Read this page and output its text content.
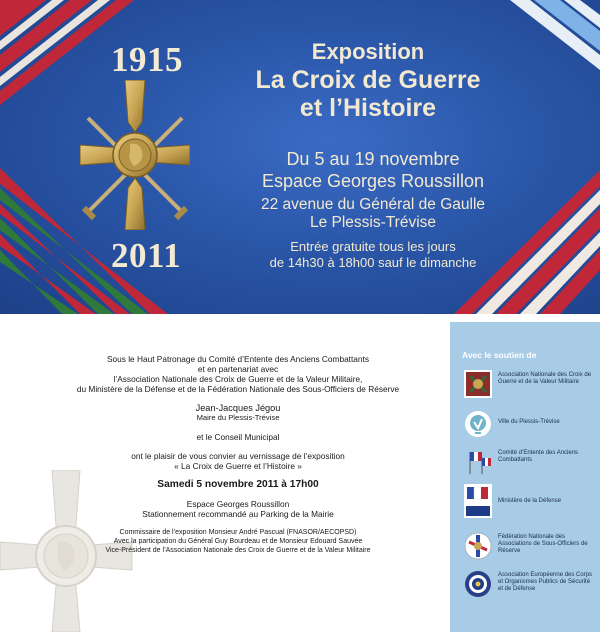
1915
2011
Exposition
La Croix de Guerre
et l’Histoire
Du 5 au 19 novembre
Espace Georges Roussillon
22 avenue du Général de Gaulle
Le Plessis-Trévise
Entrée gratuite tous les jours
de 14h30 à 18h00 sauf le dimanche
Sous le Haut Patronage du Comité d’Entente des Anciens Combattants
et en partenariat avec
l’Association Nationale des Croix de Guerre et de la Valeur Militaire,
du Ministère de la Défense et de la Fédération Nationale des Sous-Officiers de Réserve
Jean-Jacques Jégou
Maire du Plessis-Trévise
et le Conseil Municipal
ont le plaisir de vous convier au vernissage de l’exposition
« La Croix de Guerre et l’Histoire »
Samedi 5 novembre 2011 à 17h00
Espace Georges Roussillon
Stationnement recommandé au Parking de la Mairie
Commissaire de l’exposition Monsieur André Pascual (FNASOR/AECOPSD)
Avec la participation du Général Guy Bourdeau et de Monsieur Edouard Sauvée
Vice-Président de l’Association Nationale des Croix de Guerre et de la Valeur Militaire
Avec le soutien de
Association Nationale des Croix de Guerre et de la Valeur Militaire
Ville du Plessis-Trévise
Comité d’Entente des Anciens Combattants
Ministère de la Défense
Fédération Nationale des Associations de Sous-Officiers de Réserve
Association Européenne des Corps et Organismes Publics de Sécurité et de Défense
